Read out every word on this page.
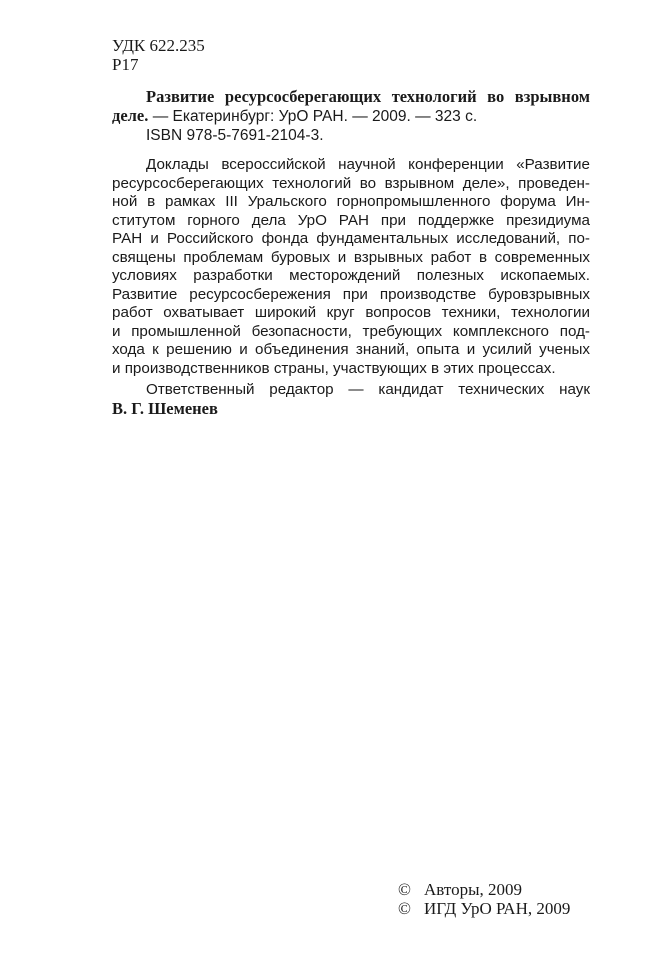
УДК 622.235
Р17
Развитие ресурсосберегающих технологий во взрывном
деле. — Екатеринбург: УрО РАН. — 2009. — 323 с.
ISBN 978-5-7691-2104-3.
Доклады всероссийской научной конференции «Развитие
ресурсосберегающих технологий во взрывном деле», проведен-
ной в рамках III Уральского горнопромышленного форума Ин-
ститутом горного дела УрО РАН при поддержке президиума
РАН и Российского фонда фундаментальных исследований, по-
священы проблемам буровых и взрывных работ в современных
условиях разработки месторождений полезных ископаемых.
Развитие ресурсосбережения при производстве буровзрывных
работ охватывает широкий круг вопросов техники, технологии
и промышленной безопасности, требующих комплексного под-
хода к решению и объединения знаний, опыта и усилий ученых
и производственников страны, участвующих в этих процессах.
Ответственный редактор — кандидат технических наук
В. Г. Шеменев
© Авторы, 2009
© ИГД УрО РАН, 2009
